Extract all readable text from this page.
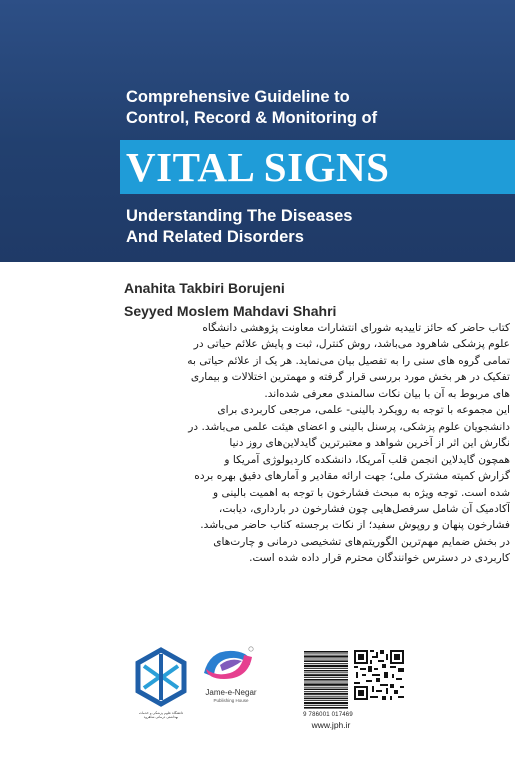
Comprehensive Guideline to
Control, Record & Monitoring of
VITAL SIGNS
Understanding The Diseases
And Related Disorders
Anahita Takbiri Borujeni
Seyyed Moslem Mahdavi Shahri

کتاب حاضر که حائز تاییدیه شورای انتشارات معاونت پژوهشی دانشگاه
علوم پزشکی شاهرود می‌باشد، روش کنترل، ثبت و پایش علائم حیاتی در
تمامی گروه های سنی را به تفصیل بیان می‌نماید. هر یک از علائم حیاتی به
تفکیک در هر بخش مورد بررسی قرار گرفته و مهمترین اختلالات و بیماری
های مربوط به آن با بیان نکات سالمندی معرفی شده‌اند.

این مجموعه با توجه به رویکرد بالینی- علمی، مرجعی کاربردی برای
دانشجویان علوم پزشکی، پرسنل بالینی و اعضای هیئت علمی می‌باشد. در
نگارش این اثر از آخرین شواهد و معتبرترین گایدلاین‌های روز دنیا
همچون گایدلاین انجمن قلب آمریکا، دانشکده کاردیولوژی آمریکا و
گزارش کمیته مشترک ملی؛ جهت ارائه مقادیر و آمارهای دقیق بهره برده
شده است. توجه ویژه به مبحث فشارخون با توجه به اهمیت بالینی و
آکادمیک آن شامل سرفصل‌هایی چون فشارخون در بارداری، دیابت،
فشارخون پنهان و روپوش سفید؛ از نکات برجسته کتاب حاضر می‌باشد.
در بخش ضمایم مهم‌ترین الگوریتم‌های تشخیصی درمانی و چارت‌های
کاربردی در دسترس خوانندگان محترم قرار داده شده است.

دانشگاه علوم پزشکی و خدمات بهداشتی درمانی شاهرود
Jame-e-Negar
Publishing House
9 786001 017469
www.jph.ir
